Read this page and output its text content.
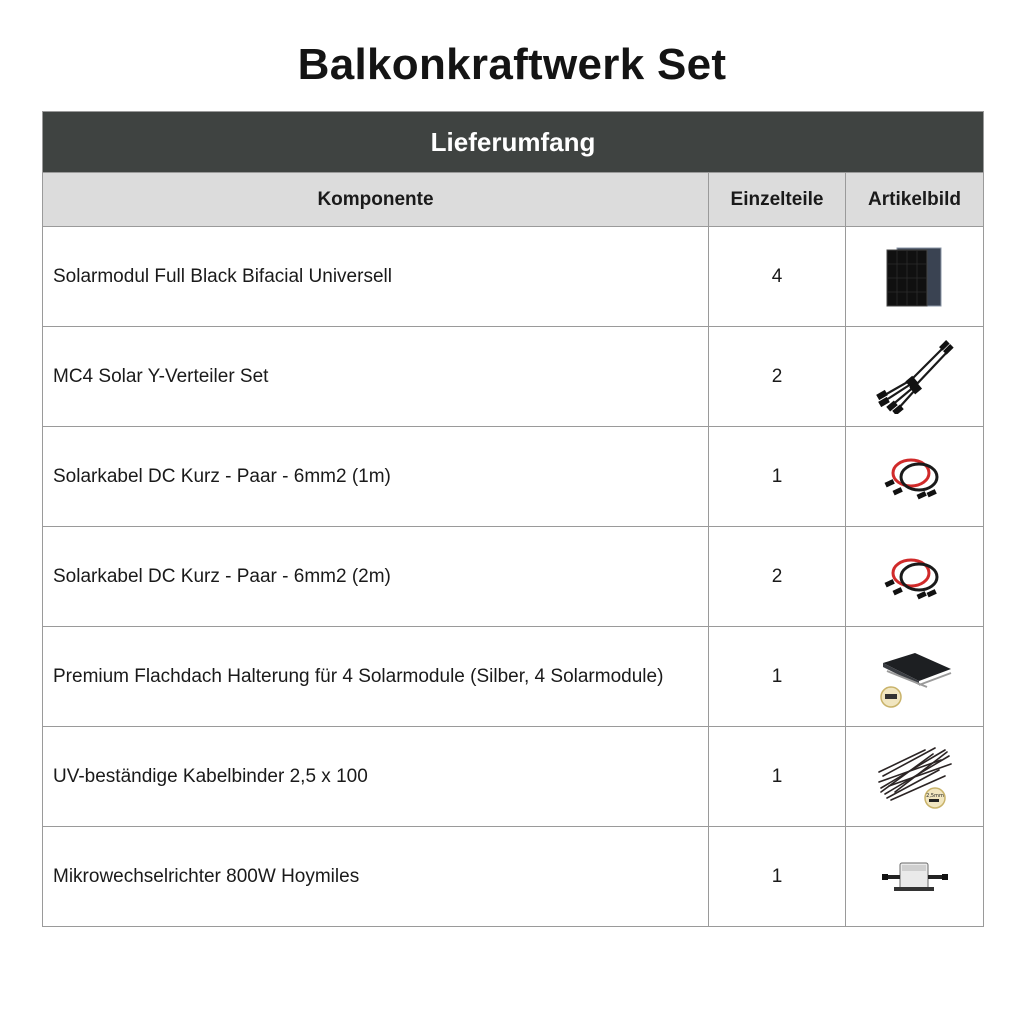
Balkonkraftwerk Set
Lieferumfang		
Komponente	Einzelteile	Artikelbild
Solarmodul Full Black Bifacial Universell	4	

MC4 Solar Y-Verteiler Set	2	

Solarkabel DC Kurz - Paar - 6mm2 (1m)	1	

Solarkabel DC Kurz - Paar - 6mm2 (2m)	2	

Premium Flachdach Halterung für 4 Solarmodule (Silber, 4 Solarmodule)	1	

UV-beständige Kabelbinder 2,5 x 100	1	2,5mm

Mikrowechselrichter 800W Hoymiles	1	
